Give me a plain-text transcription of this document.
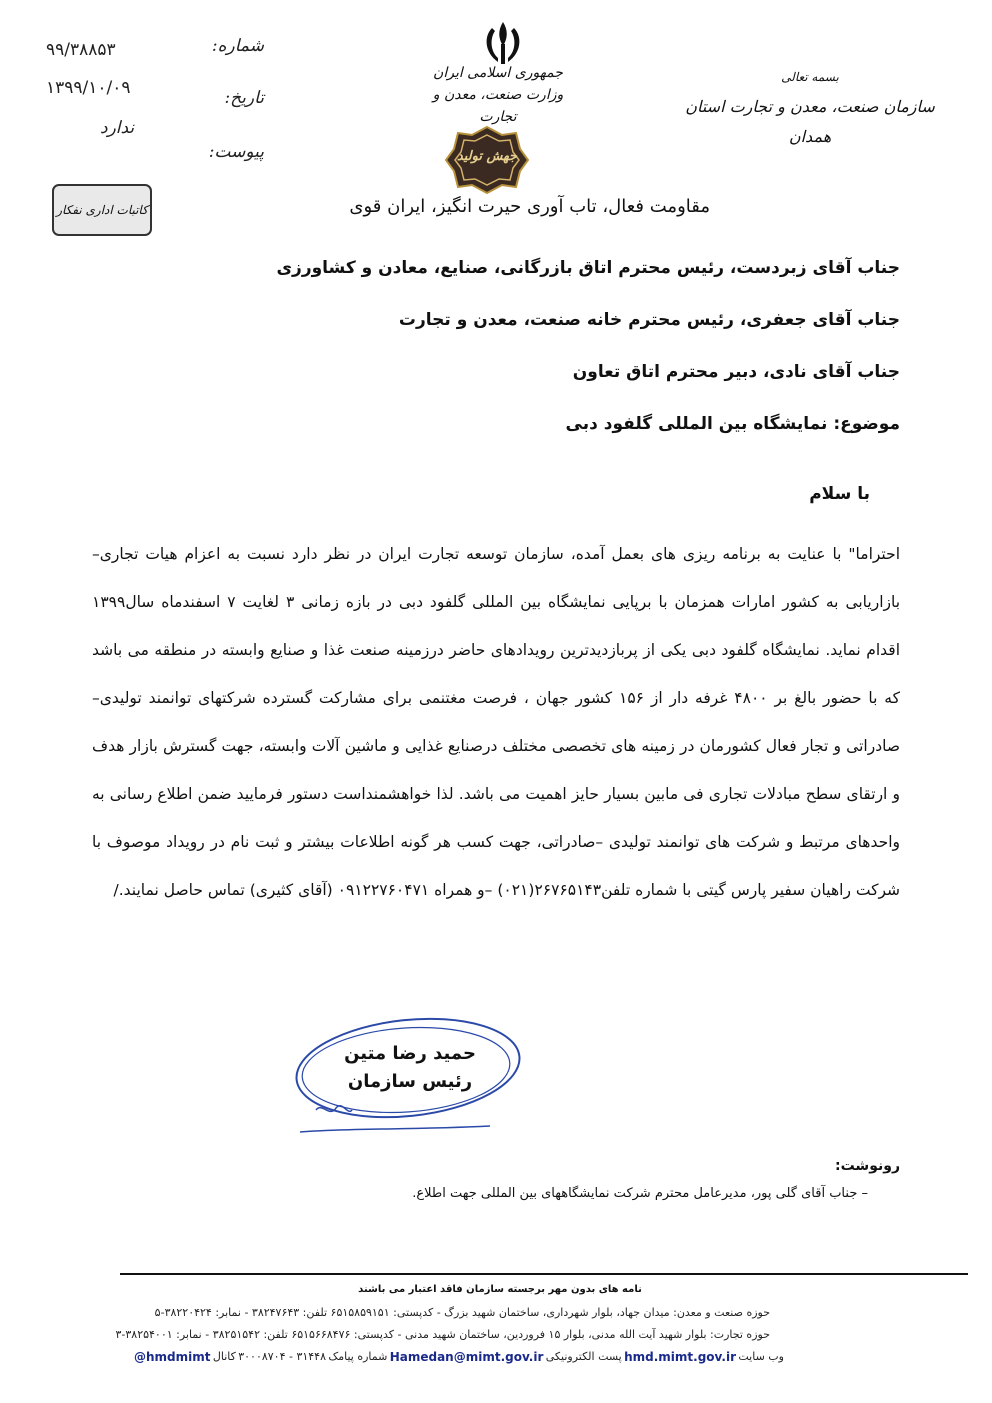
شماره:
تاریخ:
پیوست:
۹۹/۳۸۸۵۳
۱۳۹۹/۱۰/۰۹
ندارد
جمهوری اسلامی ایران
وزارت صنعت، معدن و تجارت
بسمه تعالی
سازمان صنعت، معدن و تجارت استان همدان
جهش تولید
کاتبات اداری نفکار	مقاومت فعال، تاب آوری حیرت انگیز، ایران قوی
جناب آقای زبردست، رئیس محترم اتاق بازرگانی، صنایع، معادن و کشاورزی
جناب آقای جعفری، رئیس محترم خانه صنعت، معدن و تجارت
جناب آقای نادی، دبیر محترم اتاق تعاون
موضوع: نمایشگاه بین المللی گلفود دبی
با سلام

احتراما" با عنایت به برنامه ریزی های بعمل آمده، سازمان توسعه تجارت ایران در نظر دارد نسبت به اعزام هیات تجاری– بازاریابی به کشور امارات همزمان با برپایی نمایشگاه بین المللی گلفود دبی در بازه زمانی ۳ لغایت ۷ اسفندماه سال۱۳۹۹ اقدام نماید. نمایشگاه گلفود دبی یکی از پربازدیدترین رویدادهای حاضر درزمینه صنعت غذا و صنایع وابسته در منطقه می باشد که با حضور بالغ بر ۴۸۰۰ غرفه دار از ۱۵۶ کشور جهان ، فرصت مغتنمی برای مشارکت گسترده شرکتهای توانمند تولیدی– صادراتی و تجار فعال کشورمان در زمینه های تخصصی مختلف درصنایع غذایی و ماشین آلات وابسته، جهت گسترش بازار هدف و ارتقای سطح مبادلات تجاری فی مابین بسیار حایز اهمیت می باشد. لذا خواهشمنداست دستور فرمایید ضمن اطلاع رسانی به واحدهای مرتبط و شرکت های توانمند تولیدی –صادراتی، جهت کسب هر گونه اطلاعات بیشتر و ثبت نام در رویداد موصوف با شرکت راهیان سفیر پارس گیتی با شماره تلفن۲۶۷۶۵۱۴۳(۰۲۱) –و همراه ۰۹۱۲۲۷۶۰۴۷۱ (آقای کثیری) تماس حاصل نمایند./

حمید رضا متین
رئیس سازمان
رونوشت:
– جناب آقای گلی پور، مدیرعامل محترم شرکت نمایشگاههای بین المللی جهت اطلاع.
نامه های بدون مهر برجسته سازمان فاقد اعتبار می باشند
حوزه صنعت و معدن: میدان جهاد، بلوار شهرداری، ساختمان شهید بزرگ - کدپستی: ۶۵۱۵۸۵۹۱۵۱ تلفن: ۳۸۲۴۷۶۴۳ - نمابر: ۳۸۲۲۰۴۲۴-۵
حوزه تجارت: بلوار شهید آیت الله مدنی، بلوار ۱۵ فروردین، ساختمان شهید مدنی - کدپستی: ۶۵۱۵۶۶۸۴۷۶ تلفن: ۳۸۲۵۱۵۴۲ - نمابر: ۳۸۲۵۴۰۰۱-۳
@hmdmimt کانال ۳۰۰۰۸۷۰۴ - ۳۱۴۴۸ شماره پیامک Hamedan@mimt.gov.ir پست الکترونیکی hmd.mimt.gov.ir وب سایت
